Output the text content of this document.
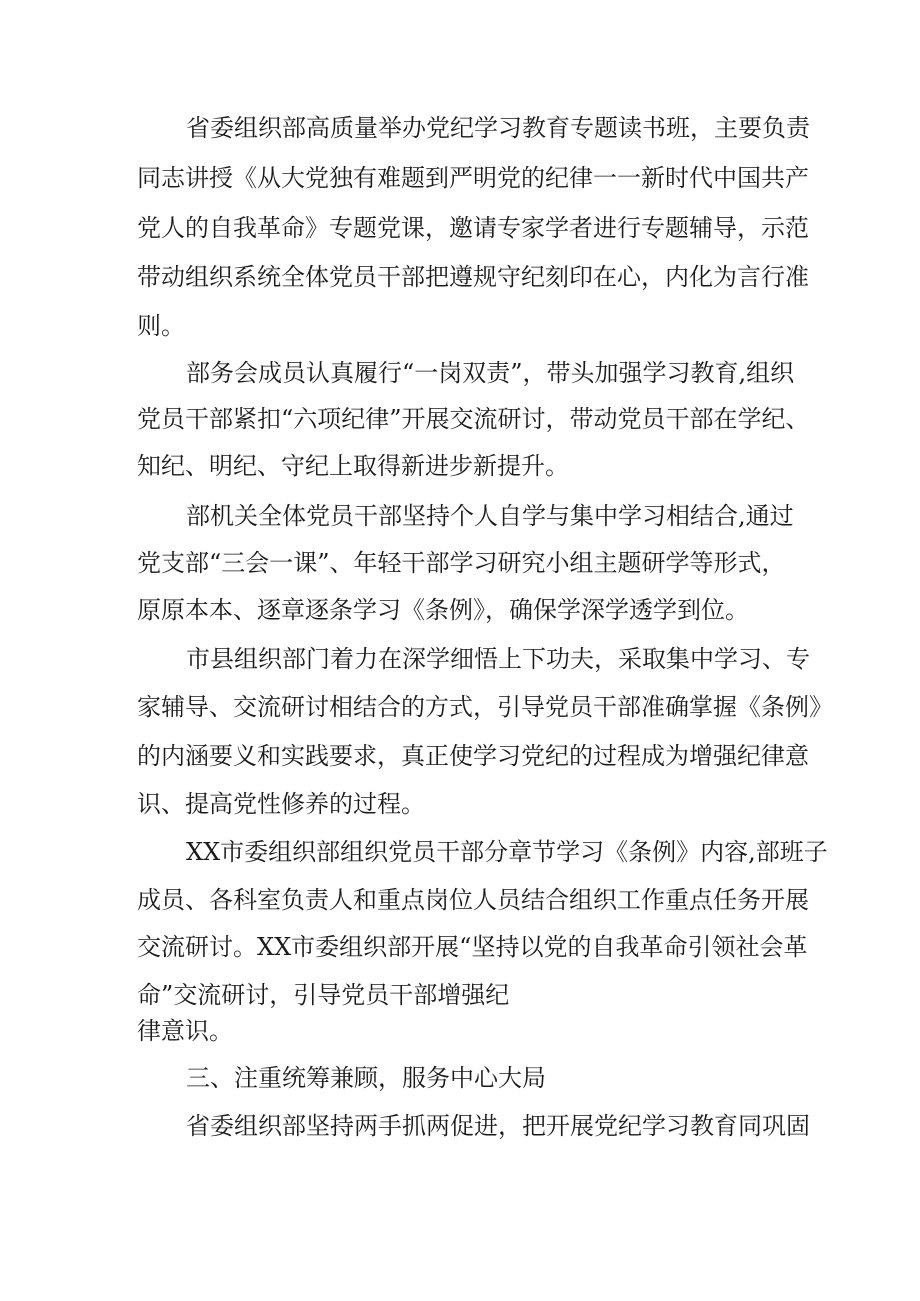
省委组织部高质量举办党纪学习教育专题读书班，主要负责
同志讲授《从大党独有难题到严明党的纪律一一新时代中国共产
党人的自我革命》专题党课，邀请专家学者进行专题辅导，示范
带动组织系统全体党员干部把遵规守纪刻印在心，内化为言行准
则。
部务会成员认真履行“一岗双责”，带头加强学习教育,组织
党员干部紧扣“六项纪律”开展交流研讨，带动党员干部在学纪、
知纪、明纪、守纪上取得新进步新提升。
部机关全体党员干部坚持个人自学与集中学习相结合,通过
党支部“三会一课”、年轻干部学习研究小组主题研学等形式，
原原本本、逐章逐条学习《条例》，确保学深学透学到位。
市县组织部门着力在深学细悟上下功夫，采取集中学习、专
家辅导、交流研讨相结合的方式，引导党员干部准确掌握《条例》
的内涵要义和实践要求，真正使学习党纪的过程成为增强纪律意
识、提高党性修养的过程。
XX市委组织部组织党员干部分章节学习《条例》内容,部班子
成员、各科室负责人和重点岗位人员结合组织工作重点任务开展
交流研讨。XX市委组织部开展“坚持以党的自我革命引领社会革
命”交流研讨，引导党员干部增强纪
律意识。
三、注重统筹兼顾，服务中心大局
省委组织部坚持两手抓两促进，把开展党纪学习教育同巩固
